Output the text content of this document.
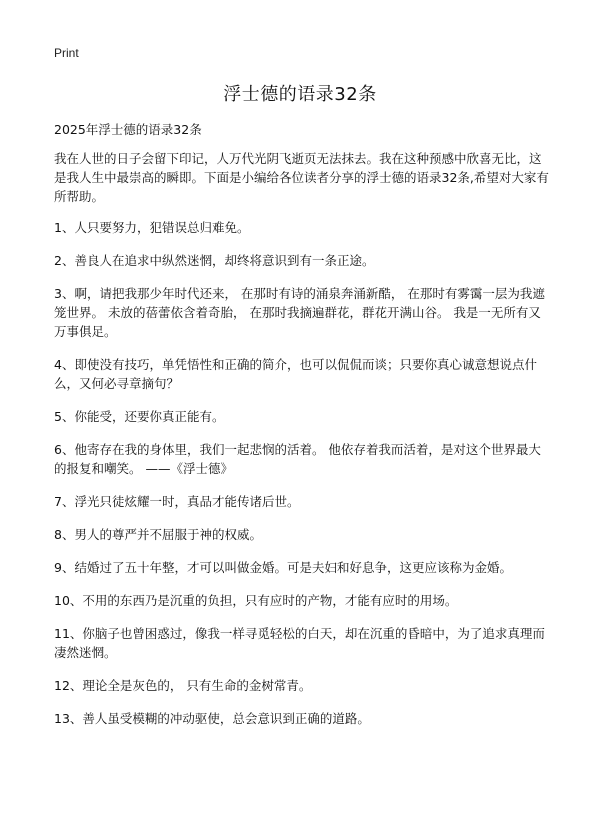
Print
浮士德的语录32条

2025年浮士德的语录32条

我在人世的日子会留下印记，人万代光阴飞逝页无法抹去。我在这种预感中欣喜无比，这是我人生中最崇高的瞬即。下面是小编给各位读者分享的浮士德的语录32条,希望对大家有所帮助。

1、人只要努力，犯错误总归难免。

2、善良人在追求中纵然迷惘，却终将意识到有一条正途。

3、啊，请把我那少年时代还来， 在那时有诗的涌泉奔涌新酷， 在那时有雾霭一层为我遮笼世界。 未放的蓓蕾依含着奇胎， 在那时我摘遍群花，群花开满山谷。 我是一无所有又万事俱足。

4、即使没有技巧，单凭悟性和正确的简介，也可以侃侃而谈；只要你真心诚意想说点什么，又何必寻章摘句？

5、你能受，还要你真正能有。

6、他寄存在我的身体里，我们一起悲悯的活着。 他依存着我而活着，是对这个世界最大的报复和嘲笑。 ——《浮士德》

7、浮光只徒炫耀一时，真品才能传诸后世。

8、男人的尊严并不屈服于神的权威。

9、结婚过了五十年整，才可以叫做金婚。可是夫妇和好息争，这更应该称为金婚。

10、不用的东西乃是沉重的负担，只有应时的产物，才能有应时的用场。

11、你脑子也曾困惑过，像我一样寻觅轻松的白天，却在沉重的昏暗中，为了追求真理而凄然迷惘。

12、理论全是灰色的， 只有生命的金树常青。

13、善人虽受模糊的冲动驱使，总会意识到正确的道路。
